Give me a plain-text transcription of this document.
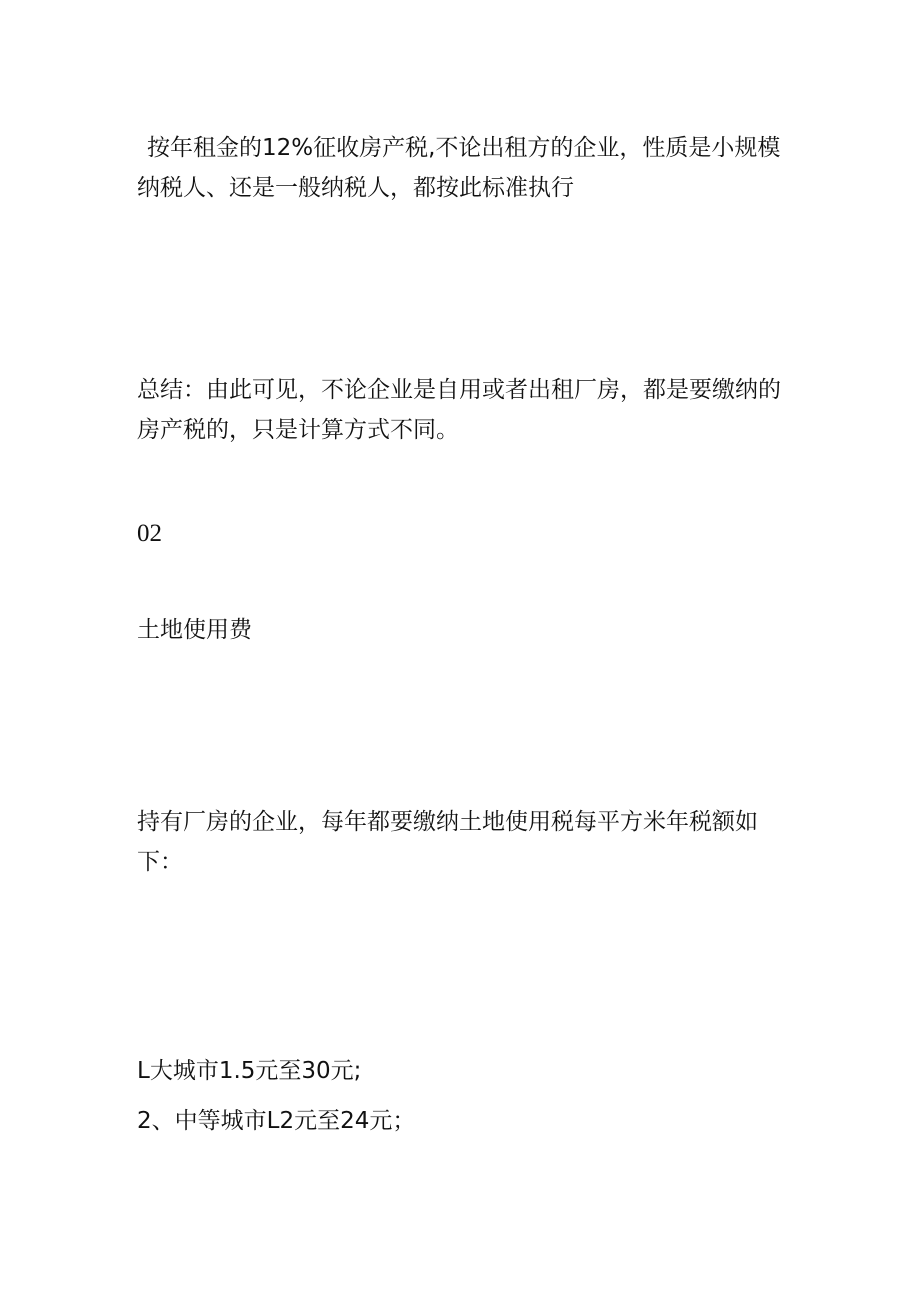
按年租金的12%征收房产税,不论出租方的企业，性质是小规模纳税人、还是一般纳税人，都按此标准执行

总结：由此可见，不论企业是自用或者出租厂房，都是要缴纳的房产税的，只是计算方式不同。

02

土地使用费

持有厂房的企业，每年都要缴纳土地使用税每平方米年税额如下：

L大城市1.5元至30元;
2、中等城市L2元至24元；
